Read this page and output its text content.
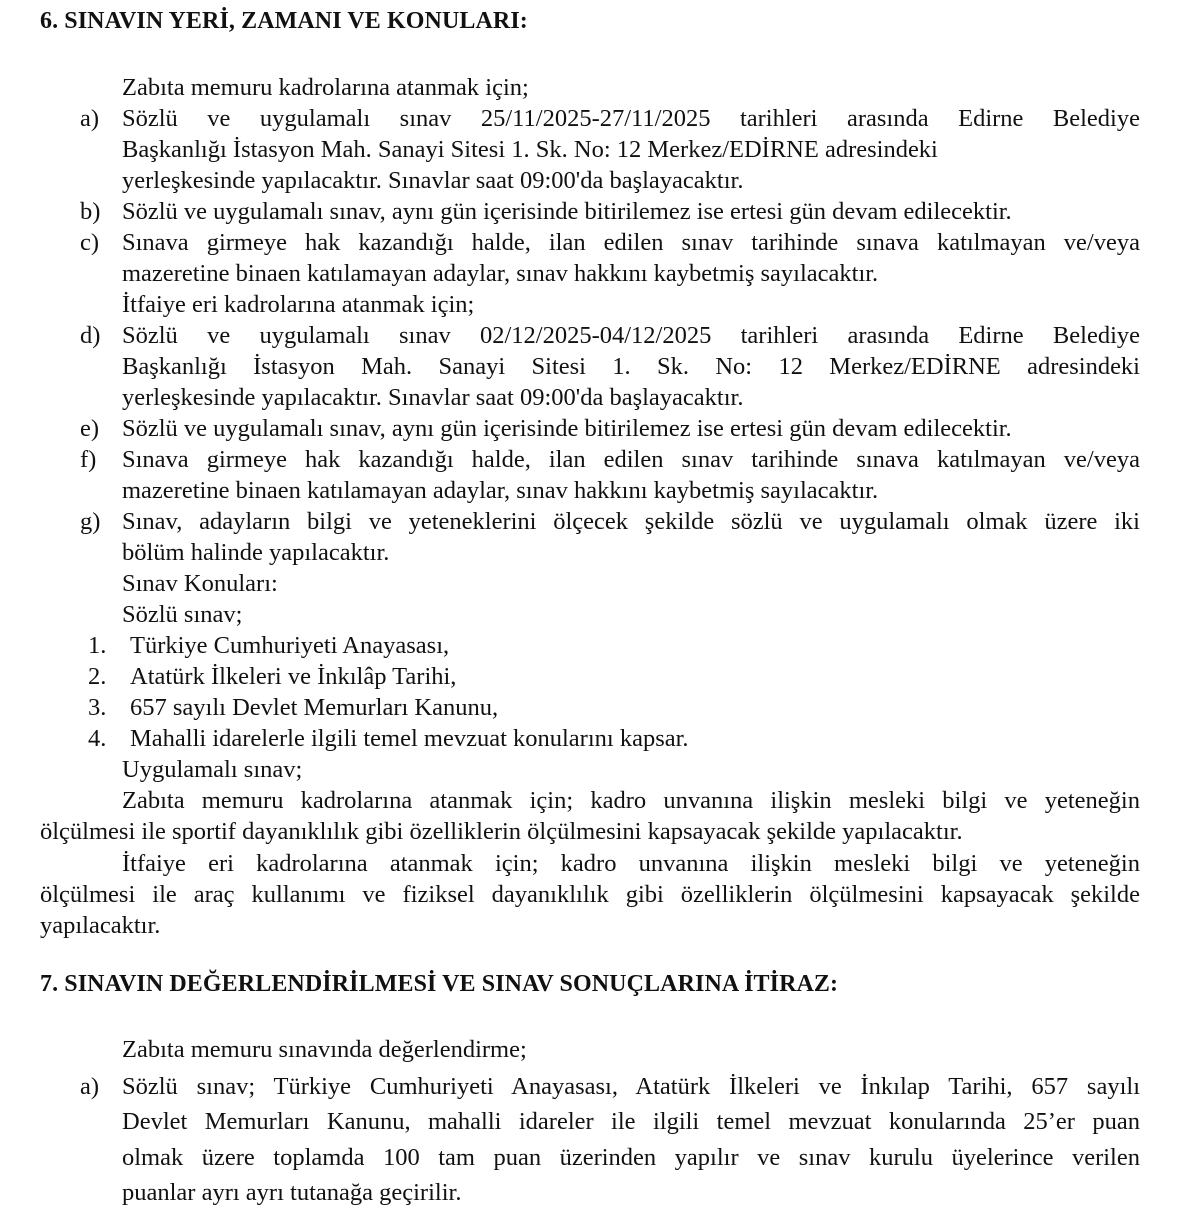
6. SINAVIN YERİ, ZAMANI VE KONULARI:

Zabıta memuru kadrolarına atanmak için;

a) Sözlü ve uygulamalı sınav 25/11/2025-27/11/2025 tarihleri arasında Edirne Belediye

Başkanlığı İstasyon Mah. Sanayi Sitesi 1. Sk. No: 12 Merkez/EDİRNE adresindeki

yerleşkesinde yapılacaktır. Sınavlar saat 09:00'da başlayacaktır.

b) Sözlü ve uygulamalı sınav, aynı gün içerisinde bitirilemez ise ertesi gün devam edilecektir.

c) Sınava girmeye hak kazandığı halde, ilan edilen sınav tarihinde sınava katılmayan ve/veya

mazeretine binaen katılamayan adaylar, sınav hakkını kaybetmiş sayılacaktır.

İtfaiye eri kadrolarına atanmak için;

d) Sözlü ve uygulamalı sınav 02/12/2025-04/12/2025 tarihleri arasında Edirne Belediye

Başkanlığı İstasyon Mah. Sanayi Sitesi 1. Sk. No: 12 Merkez/EDİRNE adresindeki

yerleşkesinde yapılacaktır. Sınavlar saat 09:00'da başlayacaktır.

e) Sözlü ve uygulamalı sınav, aynı gün içerisinde bitirilemez ise ertesi gün devam edilecektir.

f)	Sınava girmeye hak kazandığı halde, ilan edilen sınav tarihinde sınava katılmayan ve/veya

mazeretine binaen katılamayan adaylar, sınav hakkını kaybetmiş sayılacaktır.

g) Sınav, adayların bilgi ve yeteneklerini ölçecek şekilde sözlü ve uygulamalı olmak üzere iki

bölüm halinde yapılacaktır.

Sınav Konuları:

Sözlü sınav;

1. Türkiye Cumhuriyeti Anayasası,
2. Atatürk İlkeleri ve İnkılâp Tarihi,
3. 657 sayılı Devlet Memurları Kanunu,
4. Mahalli idarelerle ilgili temel mevzuat konularını kapsar.

Uygulamalı sınav;

Zabıta memuru kadrolarına atanmak için; kadro unvanına ilişkin mesleki bilgi ve yeteneğin

ölçülmesi ile sportif dayanıklılık gibi özelliklerin ölçülmesini kapsayacak şekilde yapılacaktır.

İtfaiye eri kadrolarına atanmak için; kadro unvanına ilişkin mesleki bilgi ve yeteneğin

ölçülmesi ile araç kullanımı ve fiziksel dayanıklılık gibi özelliklerin ölçülmesini kapsayacak şekilde

yapılacaktır.

7. SINAVIN DEĞERLENDİRİLMESİ VE SINAV SONUÇLARINA İTİRAZ:

Zabıta memuru sınavında değerlendirme;

a) Sözlü sınav; Türkiye Cumhuriyeti Anayasası, Atatürk İlkeleri ve İnkılap Tarihi, 657 sayılı

Devlet Memurları Kanunu, mahalli idareler ile ilgili temel mevzuat konularında 25’er puan

olmak üzere toplamda 100 tam puan üzerinden yapılır ve sınav kurulu üyelerince verilen

puanlar ayrı ayrı tutanağa geçirilir.
